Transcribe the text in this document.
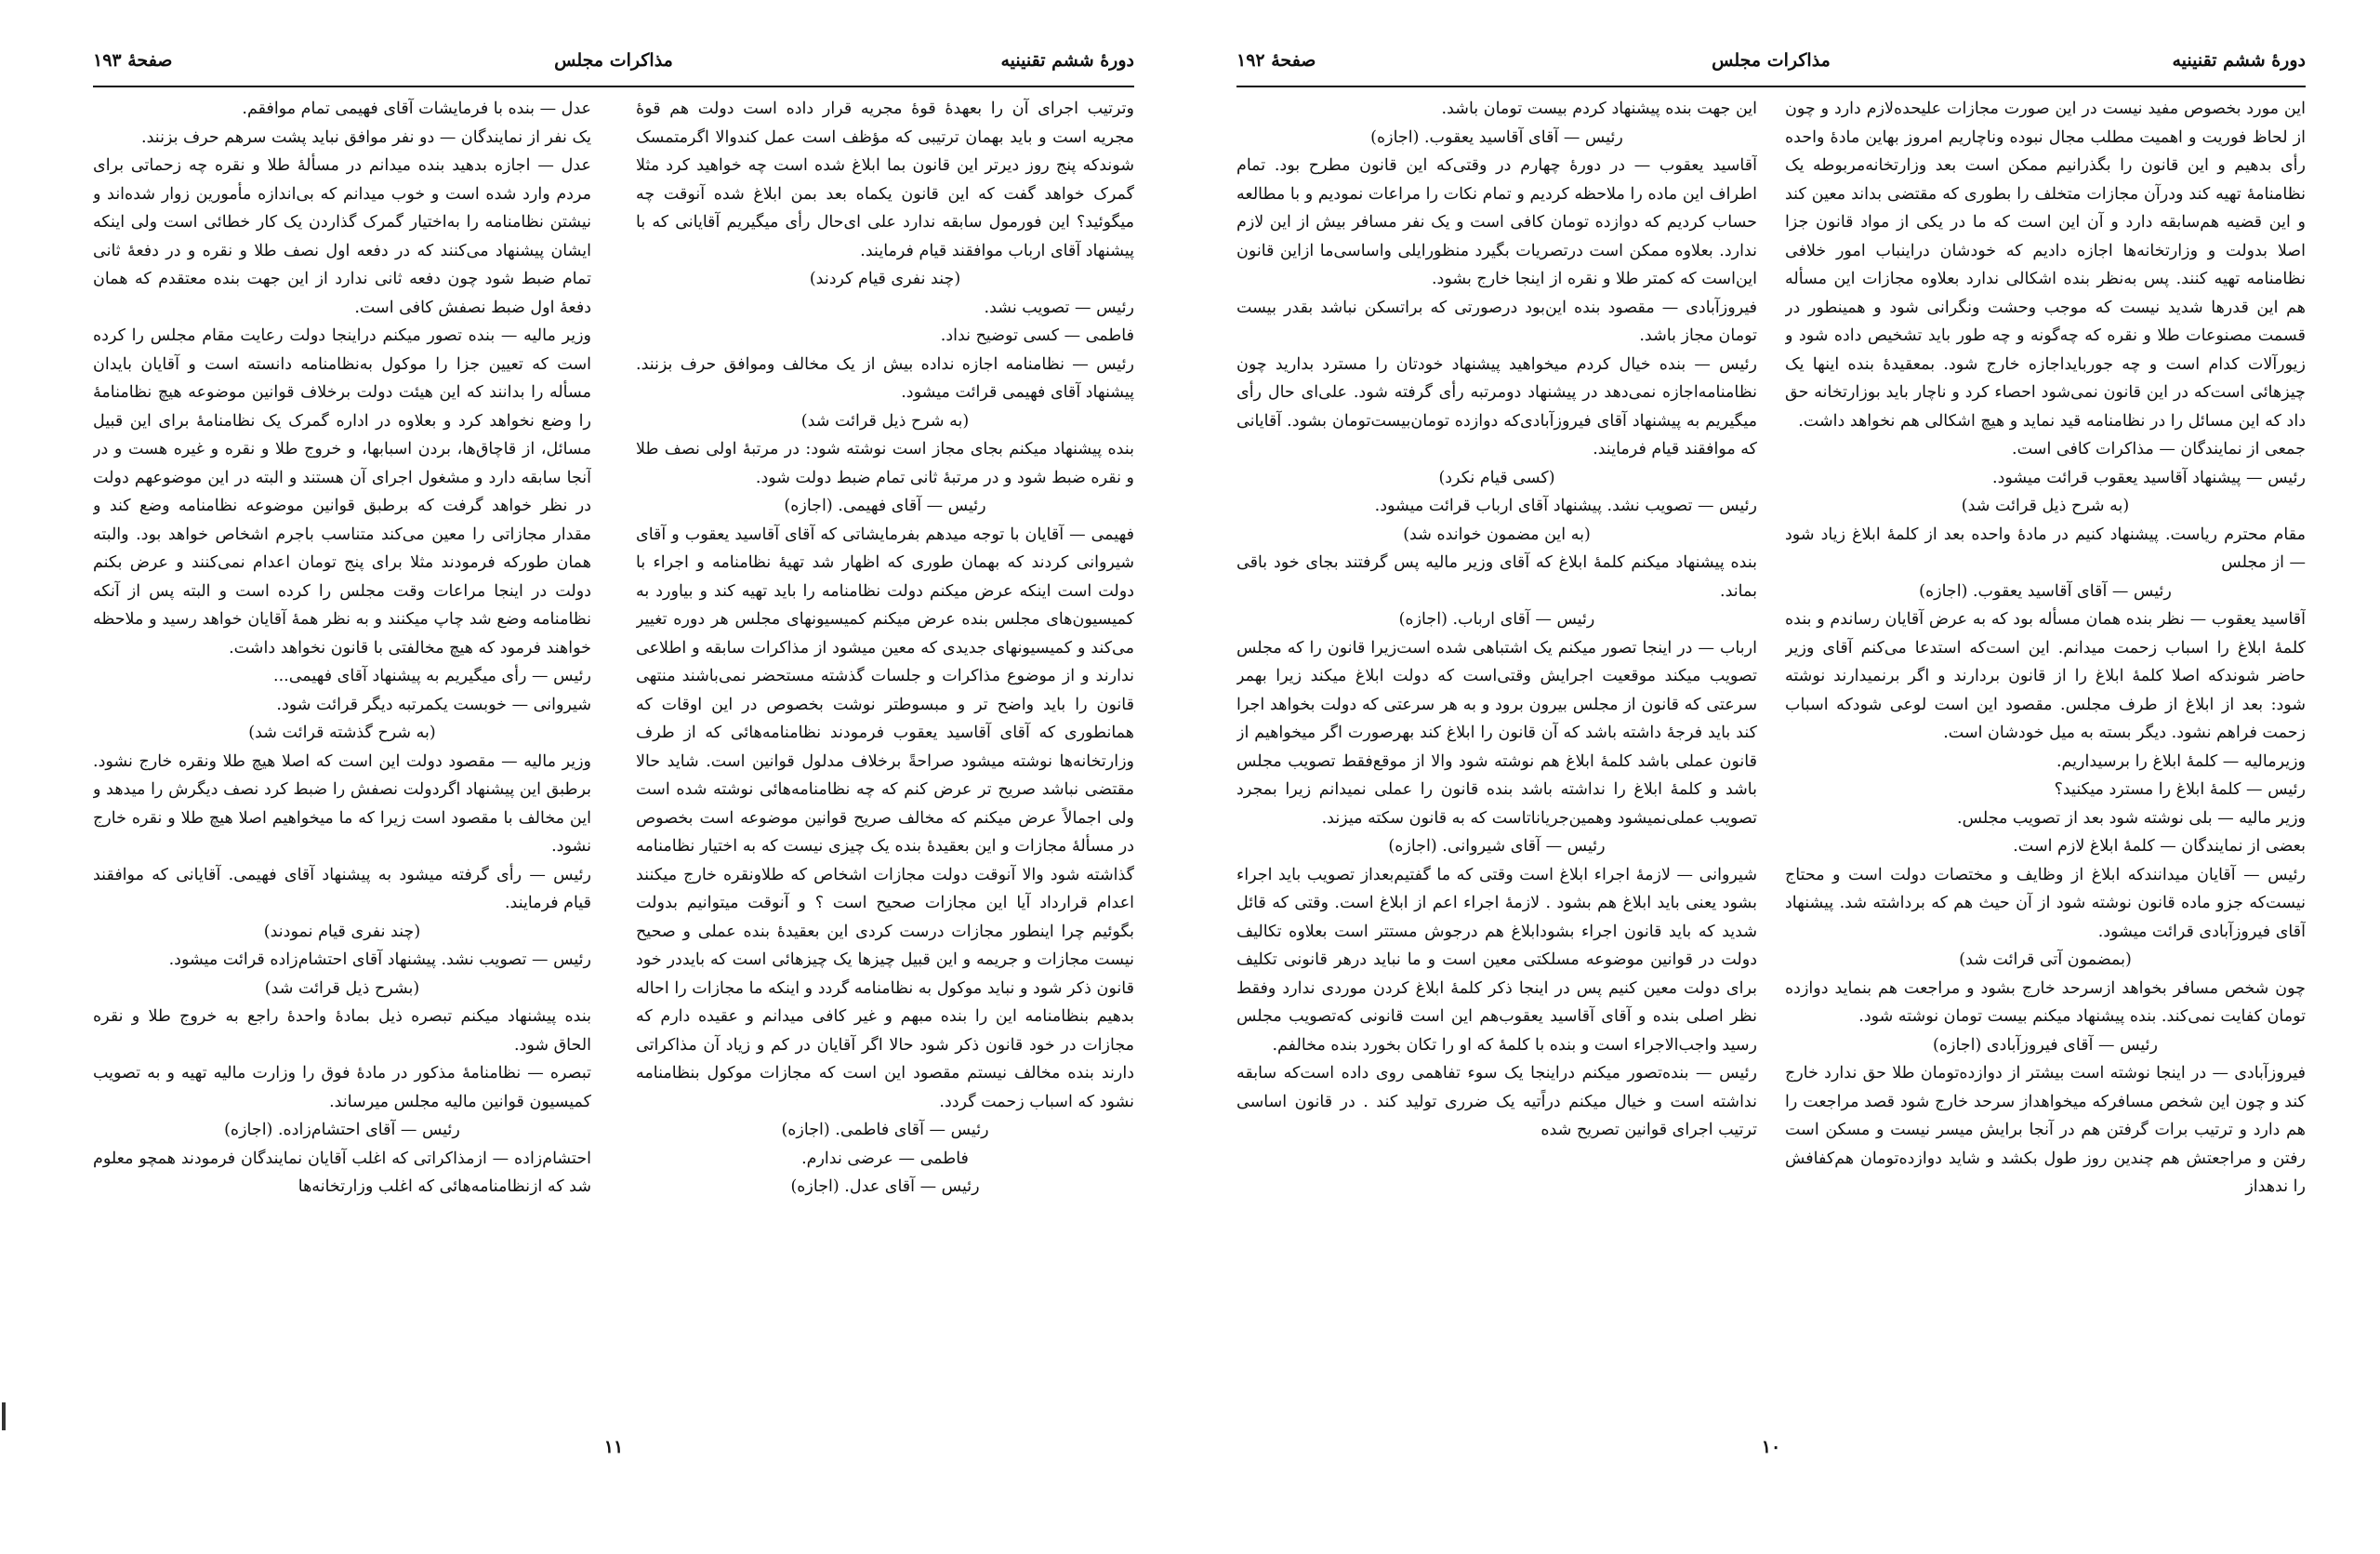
دورهٔ ششم تقنینیه
مذاکرات مجلس
صفحهٔ ۱۹۳

وترتیب اجرای آن را بعهدهٔ قوهٔ مجریه قرار داده است دولت هم قوهٔ مجریه است و باید بهمان ترتیبی که مؤظف است عمل کندوالا اگرمتمسک شوندکه پنج روز دیرتر این قانون بما ابلاغ شده است چه خواهید کرد مثلا گمرک خواهد گفت که این قانون یکماه بعد بمن ابلاغ شده آنوقت چه میگوئید؟ این فورمول سابقه ندارد علی ای‌حال رأی میگیریم آقایانی که با پیشنهاد آقای ارباب موافقند قیام فرمایند.

(چند نفری قیام کردند)

رئیس — تصویب نشد.

فاطمی — کسی توضیح نداد.

رئیس — نظامنامه اجازه نداده بیش از یک مخالف وموافق حرف بزنند. پیشنهاد آقای فهیمی قرائت میشود.

(به شرح ذیل قرائت شد)

بنده پیشنهاد میکنم بجای مجاز است نوشته شود: در مرتبهٔ اولی نصف طلا و نقره ضبط شود و در مرتبهٔ ثانی تمام ضبط دولت شود.

رئیس — آقای فهیمی. (اجازه)

فهیمی — آقایان با توجه میدهم بفرمایشاتی که آقای آقاسید یعقوب و آقای شیروانی کردند که بهمان طوری که اظهار شد تهیهٔ نظامنامه و اجراء با دولت است اینکه عرض میکنم دولت نظامنامه را باید تهیه کند و بیاورد به کمیسیون‌های مجلس بنده عرض میکنم کمیسیونهای مجلس هر دوره تغییر می‌کند و کمیسیونهای جدیدی که معین میشود از مذاکرات سابقه و اطلاعی ندارند و از موضوع مذاکرات و جلسات گذشته مستحضر نمی‌باشند منتهی قانون را باید واضح تر و مبسوطتر نوشت بخصوص در این اوقات که همانطوری که آقای آقاسید یعقوب فرمودند نظامنامه‌هائی که از طرف وزارتخانه‌ها نوشته میشود صراحةً برخلاف مدلول قوانین است. شاید حالا مقتضی نباشد صریح تر عرض کنم که چه نظامنامه‌هائی نوشته شده است ولی اجمالاً عرض میکنم که مخالف صریح قوانین موضوعه است بخصوص در مسألهٔ مجازات و این بعقیدهٔ بنده یک چیزی نیست که به اختیار نظامنامه گذاشته شود والا آنوقت دولت مجازات اشخاص که طلاونقره خارج میکنند اعدام قرارداد آیا این مجازات صحیح است ؟ و آنوقت میتوانیم بدولت بگوئیم چرا اینطور مجازات درست کردی این بعقیدهٔ بنده عملی و صحیح نیست مجازات و جریمه و این قبیل چیزها یک چیزهائی است که بایددر خود قانون ذکر شود و نباید موکول به نظامنامه گردد و اینکه ما مجازات را احاله بدهیم بنظامنامه این را بنده مبهم و غیر کافی میدانم و عقیده دارم که مجازات در خود قانون ذکر شود حالا اگر آقایان در کم و زیاد آن مذاکراتی دارند بنده مخالف نیستم مقصود این است که مجازات موکول بنظامنامه نشود که اسباب زحمت گردد.

رئیس — آقای فاطمی. (اجازه)

فاطمی — عرضی ندارم.

رئیس — آقای عدل. (اجازه)

عدل — بنده با فرمایشات آقای فهیمی تمام موافقم.

یک نفر از نمایندگان — دو نفر موافق نباید پشت سرهم حرف بزنند.

عدل — اجازه بدهید بنده میدانم در مسألهٔ طلا و نقره چه زحماتی برای مردم وارد شده است و خوب میدانم که بی‌اندازه مأمورین زوار شده‌اند و نیشتن نظامنامه را به‌اختیار گمرک گذاردن یک کار خطائی است ولی اینکه ایشان پیشنهاد می‌کنند که در دفعه اول نصف طلا و نقره و در دفعهٔ ثانی تمام ضبط شود چون دفعه ثانی ندارد از این جهت بنده معتقدم که همان دفعهٔ اول ضبط نصفش کافی است.

وزیر مالیه — بنده تصور میکنم دراینجا دولت رعایت مقام مجلس را کرده است که تعیین جزا را موکول به‌نظامنامه دانسته است و آقایان بایدان مسأله را بدانند که این هیئت دولت برخلاف قوانین موضوعه هیچ نظامنامهٔ را وضع نخواهد کرد و بعلاوه در اداره گمرک یک نظامنامهٔ برای این قبیل مسائل، از قاچاق‌ها، بردن اسبابها، و خروج طلا و نقره و غیره هست و در آنجا سابقه دارد و مشغول اجرای آن هستند و البته در این موضوعهم دولت در نظر خواهد گرفت که برطبق قوانین موضوعه نظامنامه وضع کند و مقدار مجازاتی را معین می‌کند متناسب باجرم اشخاص خواهد بود. والبته همان طورکه فرمودند مثلا برای پنج تومان اعدام نمی‌کنند و عرض بکنم دولت در اینجا مراعات وقت مجلس را کرده است و البته پس از آنکه نظامنامه وضع شد چاپ میکنند و به نظر همهٔ آقایان خواهد رسید و ملاحظه خواهند فرمود که هیچ مخالفتی با قانون نخواهد داشت.

رئیس — رأی میگیریم به پیشنهاد آقای فهیمی...

شیروانی — خوبست یکمرتبه دیگر قرائت شود.

(به شرح گذشته قرائت شد)

وزیر مالیه — مقصود دولت این است که اصلا هیچ طلا ونقره خارج نشود. برطبق این پیشنهاد اگردولت نصفش را ضبط کرد نصف دیگرش را میدهد و این مخالف با مقصود است زیرا که ما میخواهیم اصلا هیچ طلا و نقره خارج نشود.

رئیس — رأی گرفته میشود به پیشنهاد آقای فهیمی. آقایانی که موافقند قیام فرمایند.

(چند نفری قیام نمودند)

رئیس — تصویب نشد. پیشنهاد آقای احتشام‌زاده قرائت میشود.

(بشرح ذیل قرائت شد)

بنده پیشنهاد میکنم تبصره ذیل بمادهٔ واحدهٔ راجع به خروج طلا و نقره الحاق شود.

تبصره — نظامنامهٔ مذکور در مادهٔ فوق را وزارت مالیه تهیه و به تصویب کمیسیون قوانین مالیه مجلس میرساند.

رئیس — آقای احتشام‌زاده. (اجازه)

احتشام‌زاده — ازمذاکراتی که اغلب آقایان نمایندگان فرمودند همچو معلوم شد که ازنظامنامه‌هائی که اغلب وزارتخانه‌ها

۱۱
دورهٔ ششم تقنینیه
مذاکرات مجلس
صفحهٔ ۱۹۲

این مورد بخصوص مفید نیست در این صورت مجازات علیحده‌لازم دارد و چون از لحاظ فوریت و اهمیت مطلب مجال نبوده وناچاریم امروز بهاین مادهٔ واحده رأی بدهیم و این قانون را بگذرانیم ممکن است بعد وزارتخانه‌مربوطه یک نظامنامهٔ تهیه کند ودرآن مجازات متخلف را بطوری که مقتضی بداند معین کند و این قضیه هم‌سابقه دارد و آن این است که ما در یکی از مواد قانون جزا اصلا بدولت و وزارتخانه‌ها اجازه دادیم که خودشان دراینباب امور خلافی نظامنامه تهیه کنند. پس به‌نظر بنده اشکالی ندارد بعلاوه مجازات این مسأله هم این قدرها شدید نیست که موجب وحشت ونگرانی شود و همینطور در قسمت مصنوعات طلا و نقره که چه‌گونه و چه طور باید تشخیص داده شود و زیورآلات کدام است و چه جوربایداجازه خارج شود. بمعقیدهٔ بنده اینها یک چیزهائی است‌که در این قانون نمی‌شود احصاء کرد و ناچار باید بوزارتخانه حق داد که این مسائل را در نظامنامه قید نماید و هیچ اشکالی هم نخواهد داشت.

جمعی از نمایندگان — مذاکرات کافی است.

رئیس — پیشنهاد آقاسید یعقوب قرائت میشود.

(به شرح ذیل قرائت شد)

مقام محترم ریاست. پیشنهاد کنیم در مادهٔ واحده بعد از کلمهٔ ابلاغ زیاد شود — از مجلس

رئیس — آقای آقاسید یعقوب. (اجازه)

آقاسید یعقوب — نظر بنده همان مسأله بود که به عرض آقایان رساندم و بنده کلمهٔ ابلاغ را اسباب زحمت میدانم. این است‌که استدعا می‌کنم آقای وزیر حاضر شوند‌که اصلا کلمهٔ ابلاغ را از قانون بردارند و اگر برنمیدارند نوشته شود: بعد از ابلاغ از طرف مجلس. مقصود این است لوعی شود‌که اسباب زحمت فراهم نشود. دیگر بسته به میل خودشان است.

وزیرمالیه — کلمهٔ ابلاغ را برسیداریم.

رئیس — کلمهٔ ابلاغ را مسترد میکنید؟

وزیر مالیه — بلی نوشته شود بعد از تصویب مجلس.

بعضی از نمایندگان — کلمهٔ ابلاغ لازم است.

رئیس — آقایان میدانندکه ابلاغ از وظایف و مختصات دولت است و محتاج نیست‌که جزو ماده قانون نوشته شود از آن حیث هم که برداشته شد. پیشنهاد آقای فیروزآبادی قرائت میشود.

(بمضمون آتی قرائت شد)

چون شخص مسافر بخواهد ازسرحد خارج بشود و مراجعت هم بنماید دوازده تومان کفایت نمی‌کند. بنده پیشنهاد میکنم بیست تومان نوشته شود.

رئیس — آقای فیروزآبادی (اجازه)

فیروزآبادی — در اینجا نوشته است بیشتر از دوازده‌تومان طلا حق ندارد خارج کند و چون این شخص مسافرکه میخواهداز سرحد خارج شود قصد مراجعت را هم دارد و ترتیب برات گرفتن هم در آنجا برایش میسر نیست و مسکن است رفتن و مراجعتش هم چندین روز طول بکشد و شاید دوازده‌تومان هم‌کفافش را ندهداز

این جهت بنده پیشنهاد کردم بیست تومان باشد.

رئیس — آقای آقاسید یعقوب. (اجازه)

آقاسید یعقوب — در دورهٔ چهارم در وقتی‌که این قانون مطرح بود. تمام اطراف این ماده را ملاحظه کردیم و تمام نکات را مراعات نمودیم و با مطالعه حساب کردیم که دوازده تومان کافی است و یک نفر مسافر بیش از این لازم ندارد. بعلاوه ممکن است درتصریات بگیرد منظورایلی واساسی‌ما ازاین قانون این‌است که کمتر طلا و نقره از اینجا خارج بشود.

فیروزآبادی — مقصود بنده این‌بود درصورتی که براتسکن نباشد بقدر بیست تومان مجاز باشد.

رئیس — بنده خیال کردم میخواهید پیشنهاد خودتان را مسترد بدارید چون نظامنامه‌اجازه نمی‌دهد در پیشنهاد دومرتبه رأی گرفته شود. علی‌ای حال رأی میگیریم به پیشنهاد آقای فیروزآبادی‌که دوازده تومان‌بیست‌تومان بشود. آقایانی که موافقند قیام فرمایند.

(کسی قیام نکرد)

رئیس — تصویب نشد. پیشنهاد آقای ارباب قرائت میشود.

(به این مضمون خوانده شد)

بنده پیشنهاد میکنم کلمهٔ ابلاغ که آقای وزیر مالیه پس گرفتند بجای خود باقی بماند.

رئیس — آقای ارباب. (اجازه)

ارباب — در اینجا تصور میکنم یک اشتباهی شده است‌زیرا قانون را که مجلس تصویب میکند موقعیت اجرایش وقتی‌است که دولت ابلاغ میکند زیرا بهمر سرعتی که قانون از مجلس بیرون برود و به هر سرعتی که دولت بخواهد اجرا کند باید فرجهٔ داشته باشد که آن قانون را ابلاغ کند بهرصورت اگر میخواهیم از قانون عملی باشد کلمهٔ ابلاغ هم نوشته شود والا از موقع‌فقط تصویب مجلس باشد و کلمهٔ ابلاغ را نداشته باشد بنده قانون را عملی نمیدانم زیرا بمجرد تصویب عملی‌نمیشود وهمین‌جریاناتاست که به قانون سکته میزند.

رئیس — آقای شیروانی. (اجازه)

شیروانی — لازمهٔ اجراء ابلاغ است وقتی که ما گفتیم‌بعداز تصویب باید اجراء بشود یعنی باید ابلاغ هم بشود . لازمهٔ اجراء اعم از ابلاغ است. وقتی که قائل شدید که باید قانون اجراء بشود‌ابلاغ هم درجوش مستتر است بعلاوه تکالیف دولت در قوانین موضوعه مسلکتی معین است و ما نباید درهر قانونی تکلیف برای دولت معین کنیم پس در اینجا ذکر کلمهٔ ابلاغ کردن موردی ندارد وفقط نظر اصلی بنده و آقای آقاسید یعقوب‌هم این است قانونی که‌تصویب مجلس رسید واجب‌الاجراء است و بنده با کلمهٔ که او را تکان بخورد بنده مخالفم.

رئیس — بنده‌تصور میکنم دراینجا یک سوء تفاهمی روی داده است‌که سابقه نداشته است و خیال میکنم دراًتیه یک ضرری تولید کند . در قانون اساسی ترتیب اجرای قوانین تصریح شده

۱۰
